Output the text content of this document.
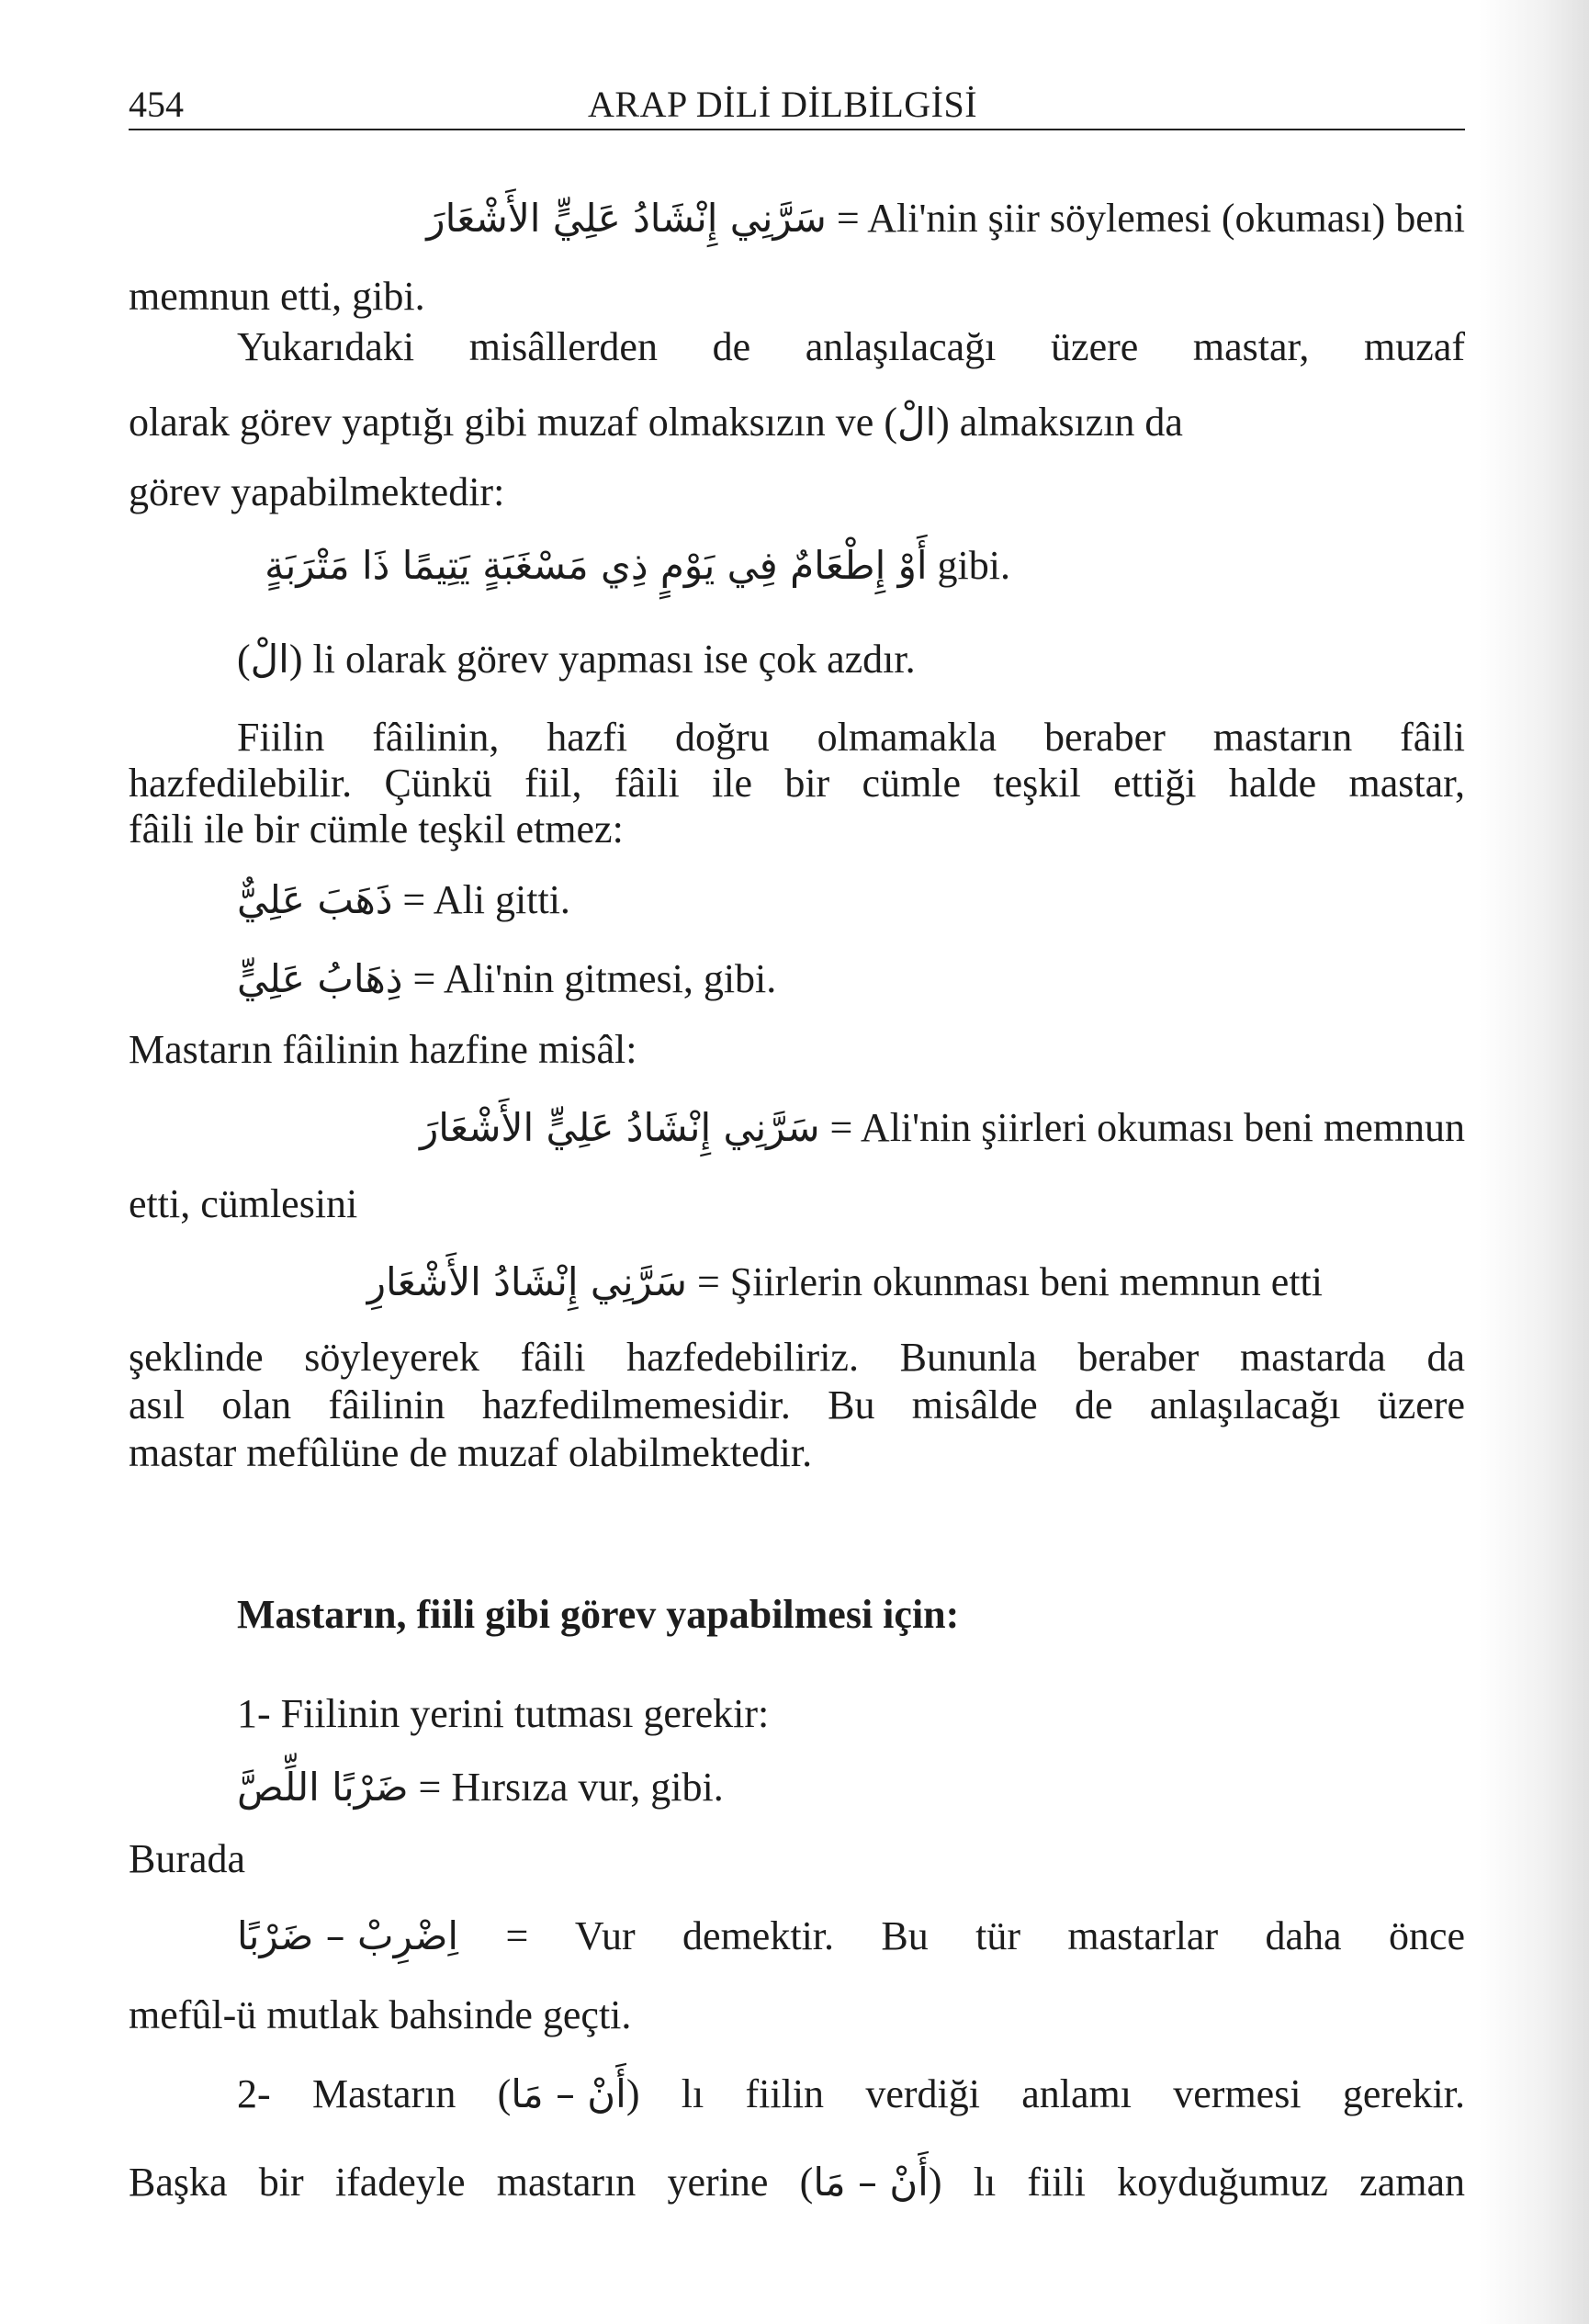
454	ARAP DİLİ DİLBİLGİSİ
سَرَّنِي إِنْشَادُ عَلِيٍّ الأَشْعَارَ = Ali'nin şiir söylemesi (okuması) beni
memnun etti, gibi.
Yukarıdaki misâllerden de anlaşılacağı üzere mastar, muzaf
olarak görev yaptığı gibi muzaf olmaksızın ve (الْ) almaksızın da
görev yapabilmektedir:
أَوْ إِطْعَامٌ فِي يَوْمٍ ذِي مَسْغَبَةٍ يَتِيمًا ذَا مَتْرَبَةٍ gibi.
(الْ) li olarak görev yapması ise çok azdır.
Fiilin fâilinin, hazfi doğru olmamakla beraber mastarın fâili
hazfedilebilir. Çünkü fiil, fâili ile bir cümle teşkil ettiği halde mastar,
fâili ile bir cümle teşkil etmez:
ذَهَبَ عَلِيٌّ = Ali gitti.
ذِهَابُ عَلِيٍّ = Ali'nin gitmesi, gibi.
Mastarın fâilinin hazfine misâl:
سَرَّنِي إِنْشَادُ عَلِيٍّ الأَشْعَارَ = Ali'nin şiirleri okuması beni memnun
etti, cümlesini
سَرَّنِي إِنْشَادُ الأَشْعَارِ = Şiirlerin okunması beni memnun etti
şeklinde söyleyerek fâili hazfedebiliriz. Bununla beraber mastarda da
asıl olan fâilinin hazfedilmemesidir. Bu misâlde de anlaşılacağı üzere
mastar mefûlüne de muzaf olabilmektedir.
Mastarın, fiili gibi görev yapabilmesi için:
1- Fiilinin yerini tutması gerekir:
ضَرْبًا اللِّصَّ = Hırsıza vur, gibi.
Burada
اِضْرِبْ – ضَرْبًا = Vur demektir. Bu tür mastarlar daha önce
mefûl-ü mutlak bahsinde geçti.
2- Mastarın (أَنْ – مَا) lı fiilin verdiği anlamı vermesi gerekir.
Başka bir ifadeyle mastarın yerine (أَنْ – مَا) lı fiili koyduğumuz zaman
